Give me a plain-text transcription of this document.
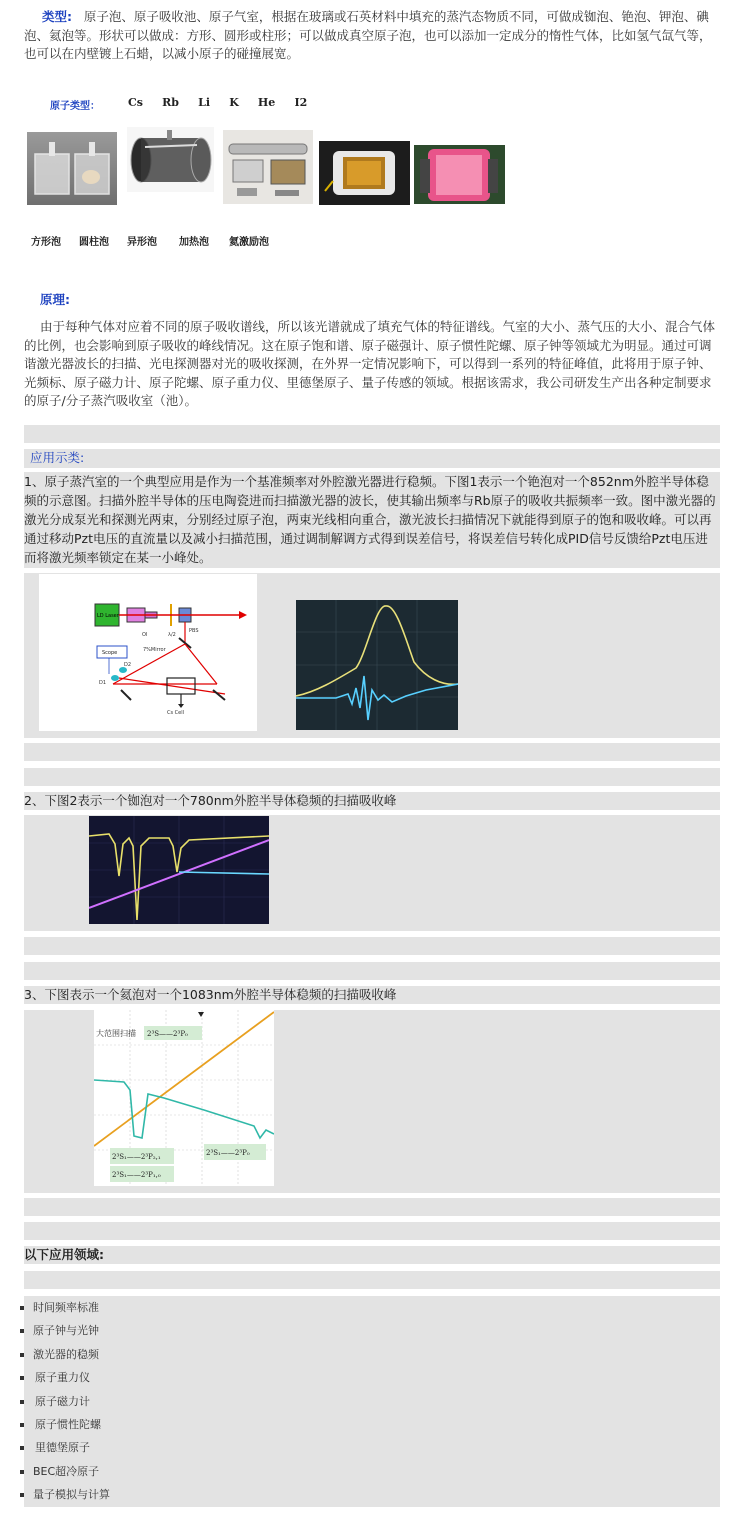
类型: 原子泡、原子吸收池、原子气室，根据在玻璃或石英材料中填充的蒸汽态物质不同，可做成铷泡、铯泡、钾泡、碘泡、氦泡等。形状可以做成：方形、圆形或柱形；可以做成真空原子泡，也可以添加一定成分的惰性气体，比如氢气氙气等，也可以在内壁镀上石蜡，以减小原子的碰撞展宽。
原子类型：	Cs Rb Li K He I2
方形泡 圆柱泡 异形泡 加热泡 氦激励泡
原理:
由于每种气体对应着不同的原子吸收谱线，所以该光谱就成了填充气体的特征谱线。气室的大小、蒸气压的大小、混合气体的比例，也会影响到原子吸收的峰线情况。这在原子饱和谱、原子磁强计、原子惯性陀螺、原子钟等领域尤为明显。通过可调谐激光器波长的扫描、光电探测器对光的吸收探测，在外界一定情况影响下，可以得到一系列的特征峰值，此将用于原子钟、光频标、原子磁力计、原子陀螺、原子重力仪、里德堡原子、量子传感的领域。根据该需求，我公司研发生产出各种定制要求的原子/分子蒸汽吸收室（池）。
应用示类:
1、原子蒸汽室的一个典型应用是作为一个基准频率对外腔激光器进行稳频。下图1表示一个铯泡对一个852nm外腔半导体稳频的示意图。扫描外腔半导体的压电陶瓷进而扫描激光器的波长，使其输出频率与Rb原子的吸收共振频率一致。图中激光器的激光分成泵光和探测光两束，分别经过原子泡，两束光线相向重合，激光波长扫描情况下就能得到原子的饱和吸收峰。可以再通过移动Pzt电压的直流量以及减小扫描范围，通过调制解调方式得到误差信号，将误差信号转化成PID信号反馈给Pzt电压进而将激光频率锁定在某一小峰处。
LD Laser
OI	λ/2
PBS
7%Mirror
Scope
D2
D1
Cs Cell
2、下图2表示一个铷泡对一个780nm外腔半导体稳频的扫描吸收峰
3、下图表示一个氦泡对一个1083nm外腔半导体稳频的扫描吸收峰
大范围扫描 2³S——2³P₀
2³S₁——2³P₂,₁
2³S₁——2³P₁,₀
2³S₁——2³P₀
以下应用领域:
时间频率标准
原子钟与光钟
激光器的稳频
原子重力仪
原子磁力计
原子惯性陀螺
里德堡原子
BEC超冷原子
量子模拟与计算
